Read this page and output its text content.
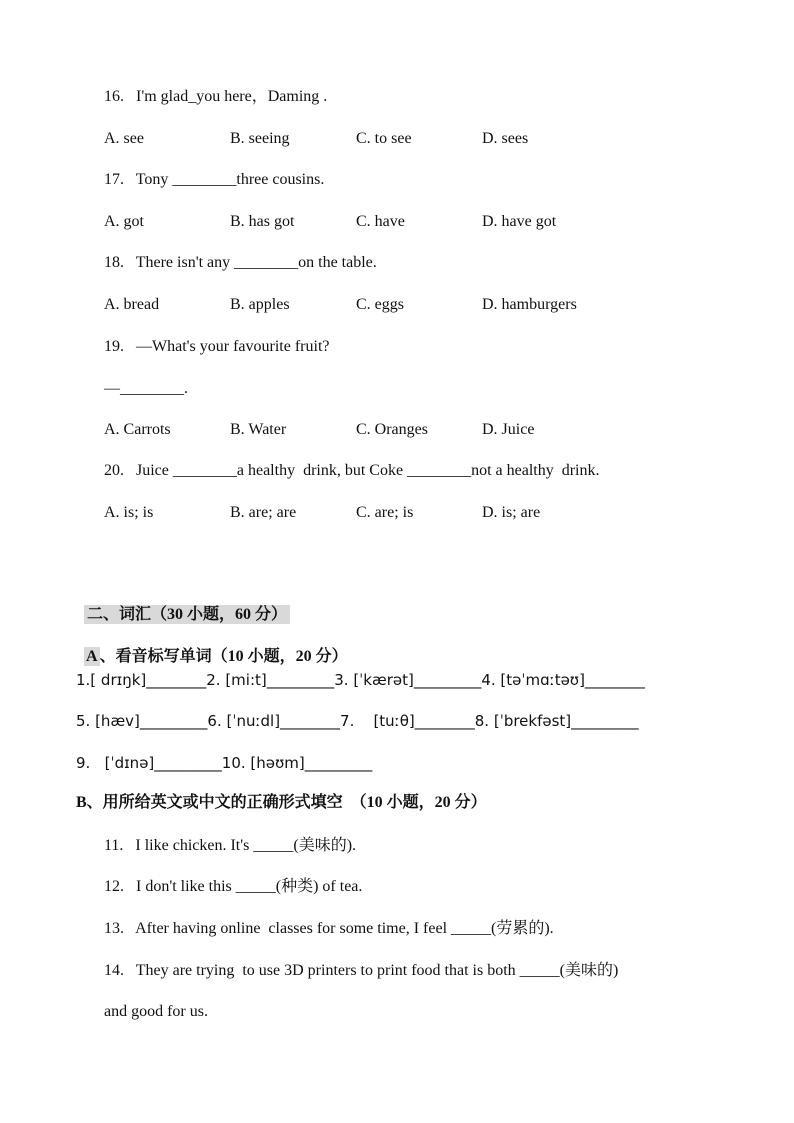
16.   I'm glad_you here，Daming .
A. see	B. seeing	C. to see	D. sees
17.   Tony ________three cousins.
A. got	B. has got	C. have	D. have got
18.   There isn't any ________on the table.
A. bread	B. apples	C. eggs	D. hamburgers
19.   —What's your favourite fruit?
—________.
A. Carrots	B. Water	C. Oranges	D. Juice
20.   Juice ________a healthy  drink, but Coke ________not a healthy  drink.
A. is; is	B. are; are	C. are; is	D. is; are

二、词汇（30 小题，60 分）

A 、看音标写单词（10 小题，20 分）

1.[ drɪŋk]________2. [mi:t]_________3. [ˈkærət]_________4. [təˈmɑːtəʊ]________
5. [hæv]_________6. [ˈnuːdl]________7.    [tuːθ]________8. [ˈbrekfəst]_________
9.   [ˈdɪnə]_________10. [həʊm]_________
B、用所给英文或中文的正确形式填空  （10 小题，20 分）
11.   I like chicken. It's _____(美味的).
12.   I don't like this _____(种类) of tea.
13.   After having online  classes for some time, I feel _____(劳累的).
14.   They are trying  to use 3D printers to print food that is both _____(美味的)
and good for us.
